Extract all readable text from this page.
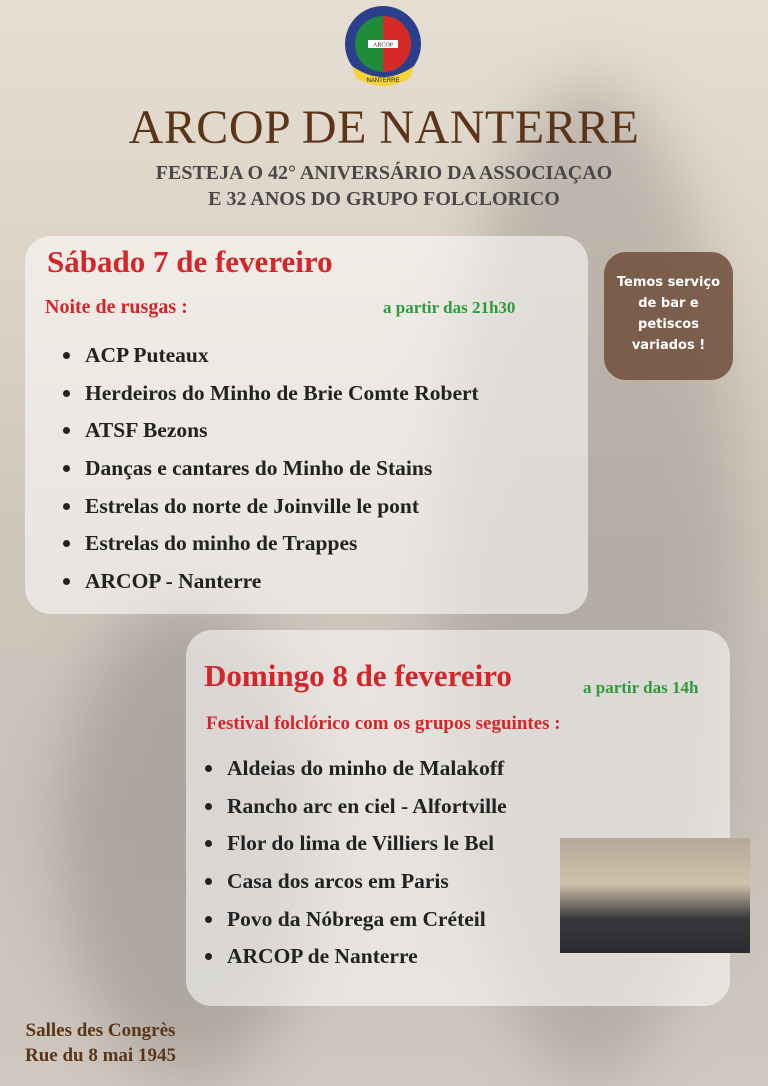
ARCOP
NANTERRE
ARCOP DE NANTERRE
FESTEJA O 42° ANIVERSÁRIO DA ASSOCIAÇAO
E 32 ANOS DO GRUPO FOLCLORICO
Sábado 7 de fevereiro
Noite de rusgas :	a partir das 21h30
ACP Puteaux
Herdeiros do Minho de Brie Comte Robert
ATSF Bezons
Danças e cantares do Minho de Stains
Estrelas do norte de Joinville le pont
Estrelas do minho de Trappes
ARCOP - Nanterre
Temos serviço
de bar e
petiscos
variados !
Domingo 8 de fevereiro	a partir das 14h
Festival folclórico com os grupos seguintes :
Aldeias do minho de Malakoff
Rancho arc en ciel - Alfortville
Flor do lima de Villiers le Bel
Casa dos arcos em Paris
Povo da Nóbrega em Créteil
ARCOP de Nanterre
Salles des Congrès
Rue du 8 mai 1945
